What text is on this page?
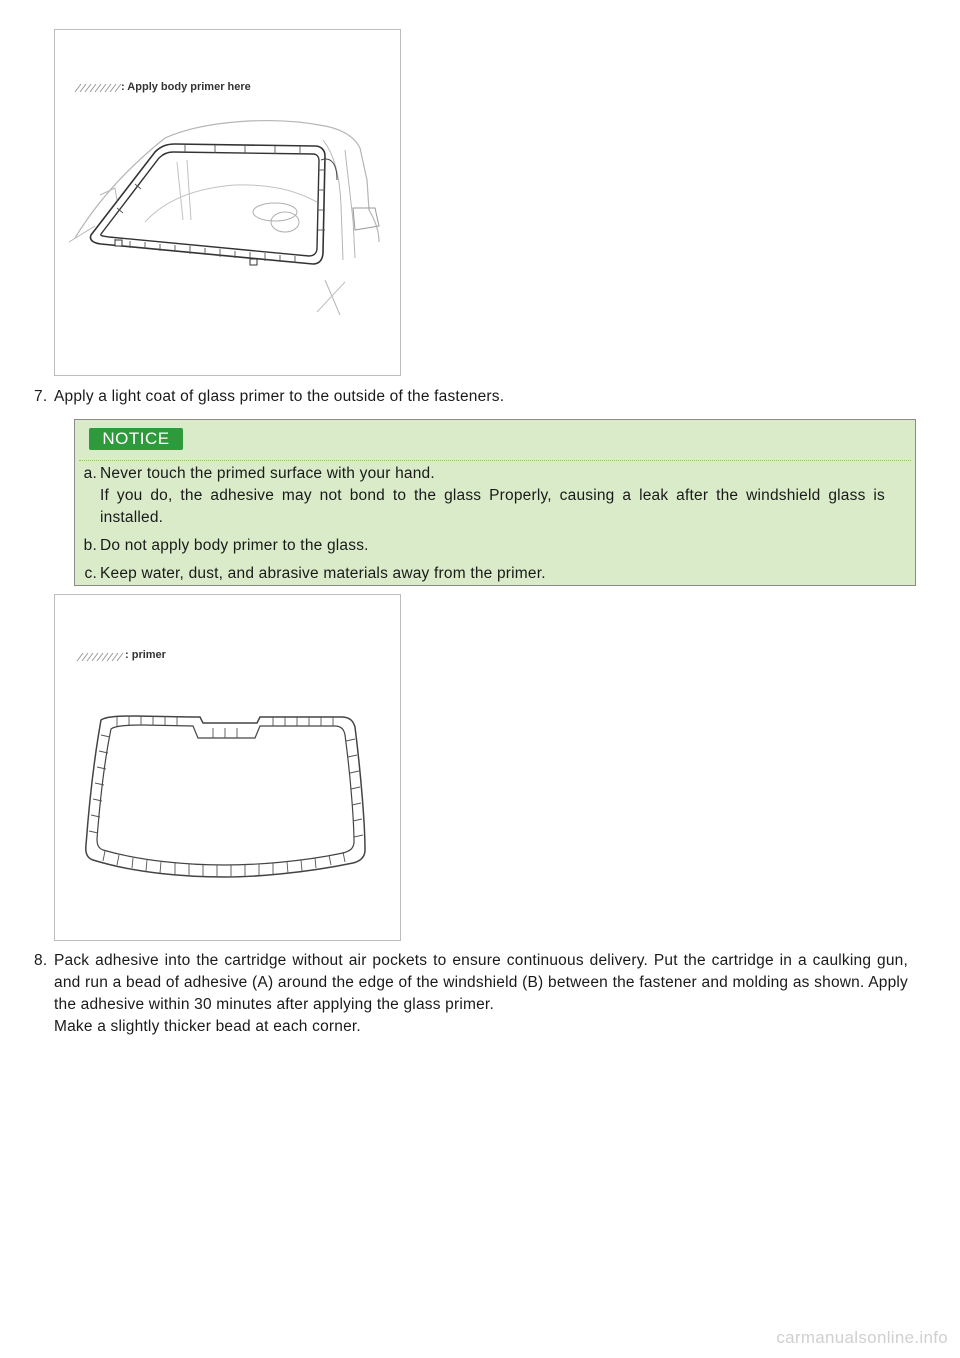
: Apply body primer here
7. Apply a light coat of glass primer to the outside of the fasteners.
NOTICE
a. Never touch the primed surface with your hand.
If you do, the adhesive may not bond to the glass Properly, causing a leak after the windshield glass is installed.
b. Do not apply body primer to the glass.
c. Keep water, dust, and abrasive materials away from the primer.
: primer
8. Pack adhesive into the cartridge without air pockets to ensure continuous delivery. Put the cartridge in a caulking gun, and run a bead of adhesive (A) around the edge of the windshield (B) between the fastener and molding as shown. Apply the adhesive within 30 minutes after applying the glass primer.
Make a slightly thicker bead at each corner.
carmanualsonline.info
